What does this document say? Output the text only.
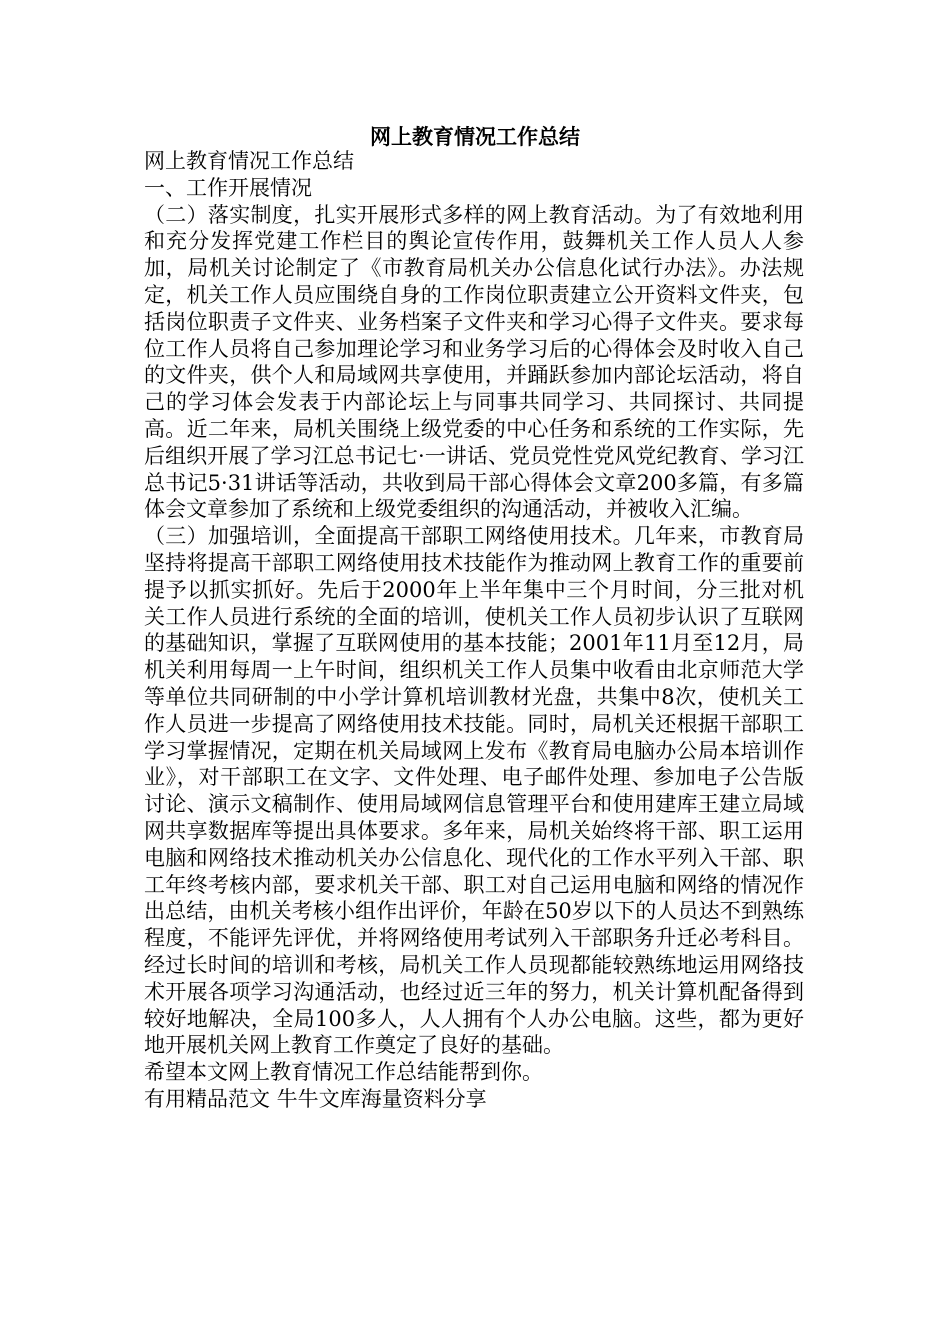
网上教育情况工作总结

网上教育情况工作总结

一、工作开展情况

（二）落实制度，扎实开展形式多样的网上教育活动。为了有效地利用和充分发挥党建工作栏目的舆论宣传作用，鼓舞机关工作人员人人参加，局机关讨论制定了《市教育局机关办公信息化试行办法》。办法规定，机关工作人员应围绕自身的工作岗位职责建立公开资料文件夹，包括岗位职责子文件夹、业务档案子文件夹和学习心得子文件夹。要求每位工作人员将自己参加理论学习和业务学习后的心得体会及时收入自己的文件夹，供个人和局域网共享使用，并踊跃参加内部论坛活动，将自己的学习体会发表于内部论坛上与同事共同学习、共同探讨、共同提高。近二年来，局机关围绕上级党委的中心任务和系统的工作实际，先后组织开展了学习江总书记七·一讲话、党员党性党风党纪教育、学习江总书记5·31讲话等活动，共收到局干部心得体会文章200多篇，有多篇体会文章参加了系统和上级党委组织的沟通活动，并被收入汇编。

（三）加强培训，全面提高干部职工网络使用技术。几年来，市教育局坚持将提高干部职工网络使用技术技能作为推动网上教育工作的重要前提予以抓实抓好。先后于2000年上半年集中三个月时间，分三批对机关工作人员进行系统的全面的培训，使机关工作人员初步认识了互联网的基础知识，掌握了互联网使用的基本技能；2001年11月至12月，局机关利用每周一上午时间，组织机关工作人员集中收看由北京师范大学等单位共同研制的中小学计算机培训教材光盘，共集中8次，使机关工作人员进一步提高了网络使用技术技能。同时，局机关还根据干部职工学习掌握情况，定期在机关局域网上发布《教育局电脑办公局本培训作业》，对干部职工在文字、文件处理、电子邮件处理、参加电子公告版讨论、演示文稿制作、使用局域网信息管理平台和使用建库王建立局域网共享数据库等提出具体要求。多年来，局机关始终将干部、职工运用电脑和网络技术推动机关办公信息化、现代化的工作水平列入干部、职工年终考核内部，要求机关干部、职工对自己运用电脑和网络的情况作出总结，由机关考核小组作出评价，年龄在50岁以下的人员达不到熟练程度，不能评先评优，并将网络使用考试列入干部职务升迁必考科目。经过长时间的培训和考核，局机关工作人员现都能较熟练地运用网络技术开展各项学习沟通活动，也经过近三年的努力，机关计算机配备得到较好地解决，全局100多人，人人拥有个人办公电脑。这些，都为更好地开展机关网上教育工作奠定了良好的基础。

希望本文网上教育情况工作总结能帮到你。

有用精品范文 牛牛文库海量资料分享
